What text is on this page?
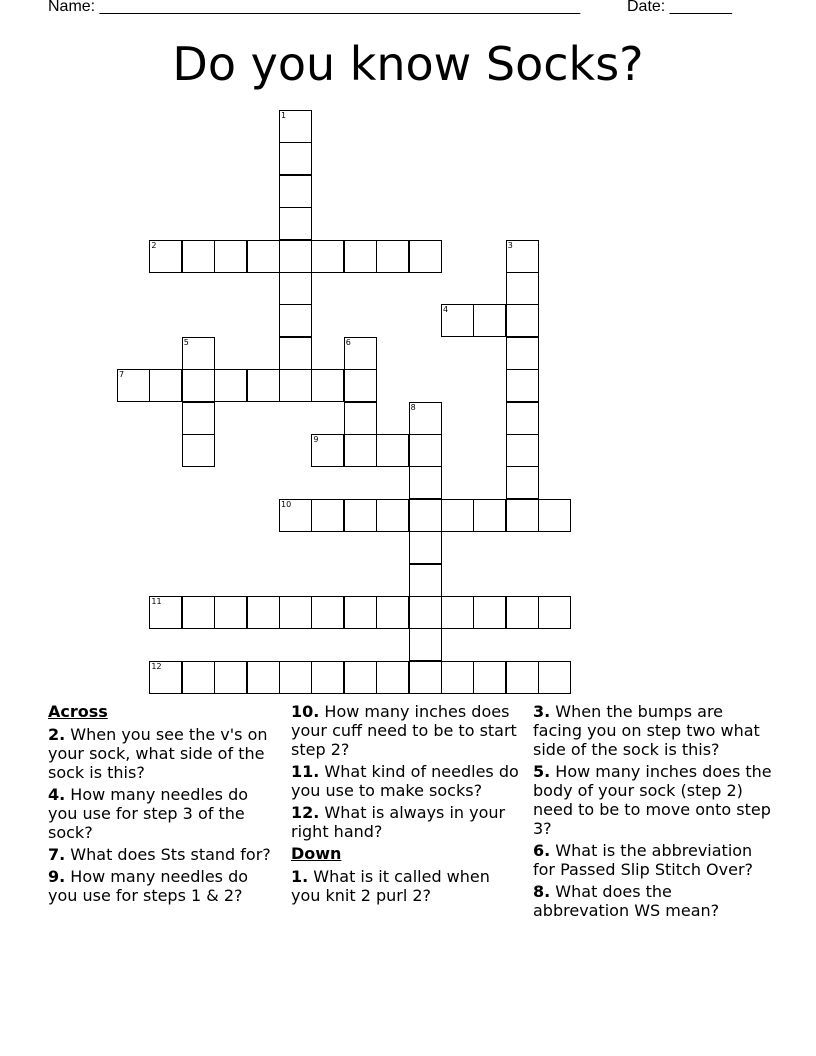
Name: ______________________________________________________	Date: _______
Do you know Socks?
1
2	3
4
5	6
7
8
9
10
11
12
Across
2. When you see the v's on your sock, what side of the sock is this?
4. How many needles do you use for step 3 of the sock?
7. What does Sts stand for?
9. How many needles do you use for steps 1 & 2?
10. How many inches does your cuff need to be to start step 2?
11. What kind of needles do you use to make socks?
12. What is always in your right hand?
Down
1. What is it called when you knit 2 purl 2?
3. When the bumps are facing you on step two what side of the sock is this?
5. How many inches does the body of your sock (step 2) need to be to move onto step 3?
6. What is the abbreviation for Passed Slip Stitch Over?
8. What does the abbrevation WS mean?
